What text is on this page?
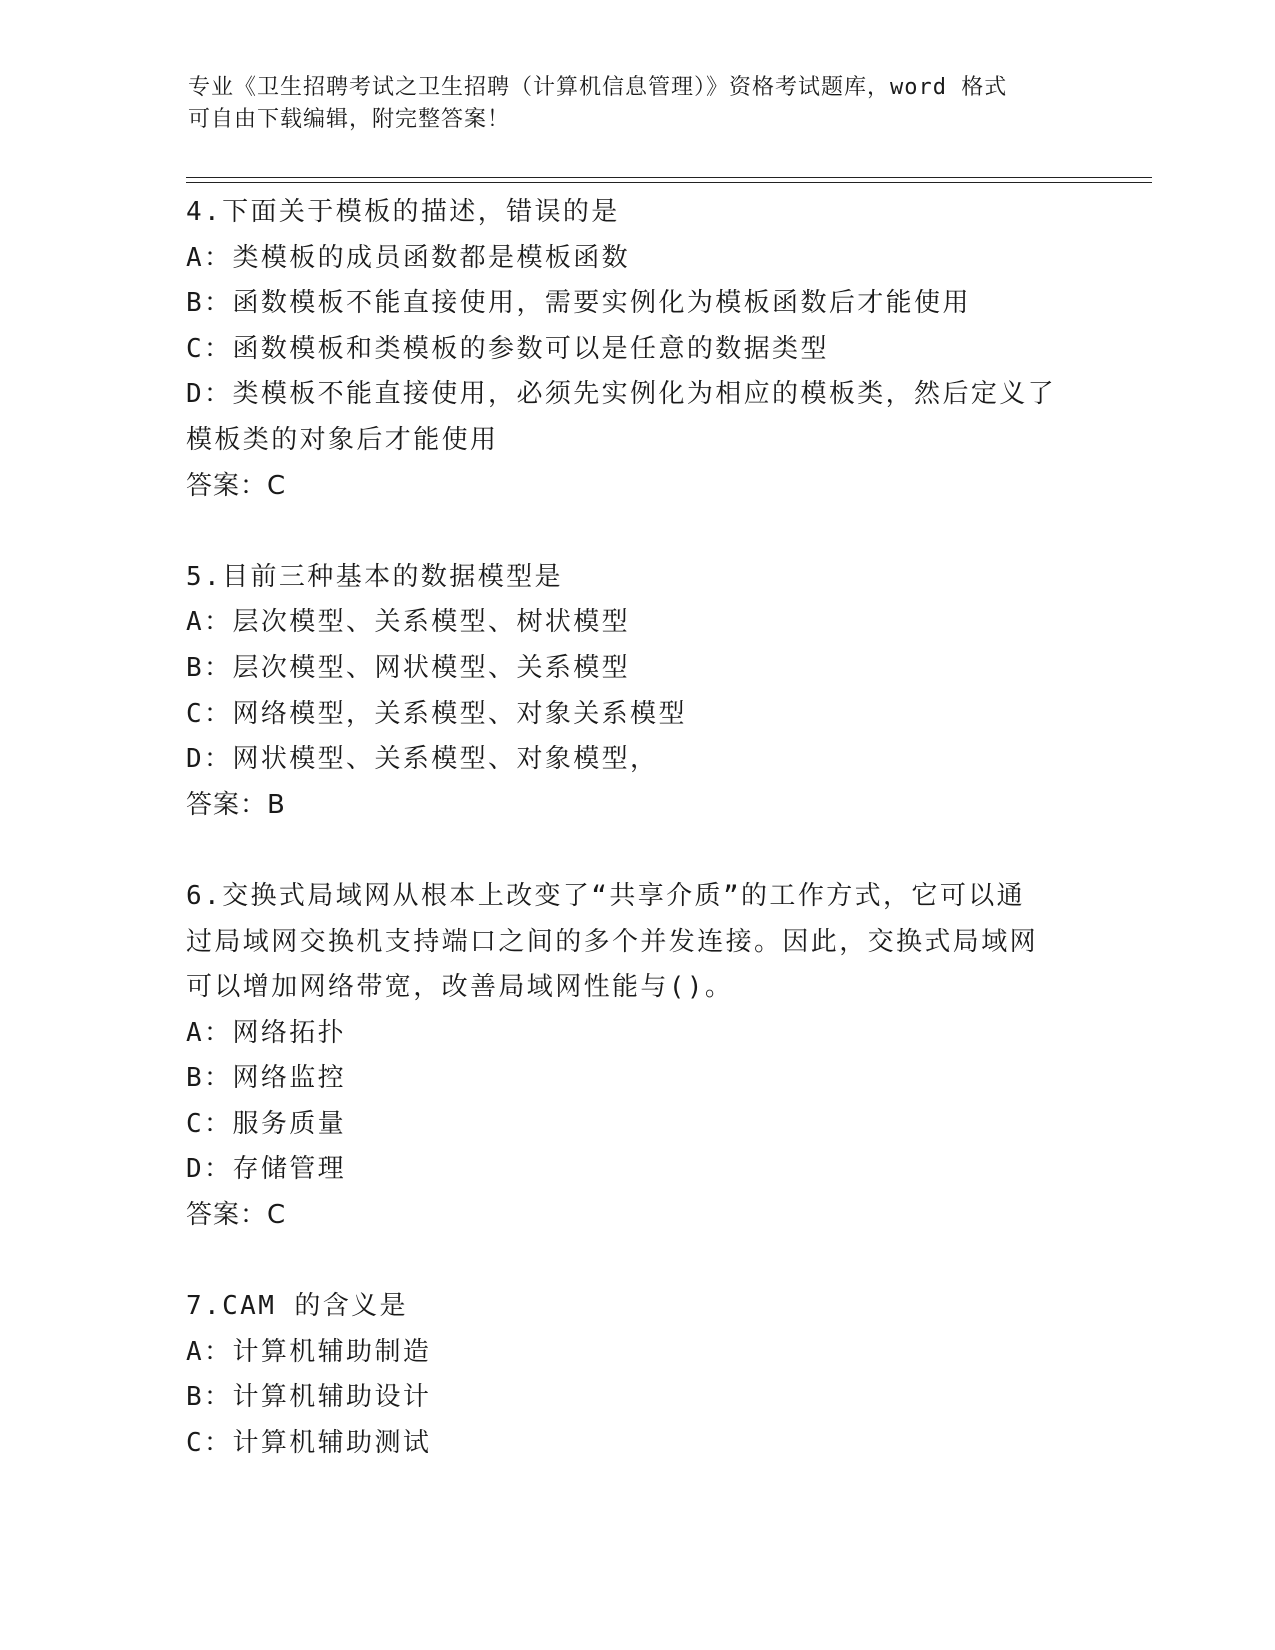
专业《卫生招聘考试之卫生招聘（计算机信息管理）》资格考试题库，word 格式
可自由下载编辑，附完整答案！
4.下面关于模板的描述，错误的是
A：类模板的成员函数都是模板函数
B：函数模板不能直接使用，需要实例化为模板函数后才能使用
C：函数模板和类模板的参数可以是任意的数据类型
D：类模板不能直接使用，必须先实例化为相应的模板类，然后定义了
模板类的对象后才能使用
答案：C
5.目前三种基本的数据模型是
A：层次模型、关系模型、树状模型
B：层次模型、网状模型、关系模型
C：网络模型，关系模型、对象关系模型
D：网状模型、关系模型、对象模型，
答案：B
6.交换式局域网从根本上改变了“共享介质”的工作方式，它可以通
过局域网交换机支持端口之间的多个并发连接。因此，交换式局域网
可以增加网络带宽，改善局域网性能与()。
A：网络拓扑
B：网络监控
C：服务质量
D：存储管理
答案：C
7.CAM 的含义是
A：计算机辅助制造
B：计算机辅助设计
C：计算机辅助测试
